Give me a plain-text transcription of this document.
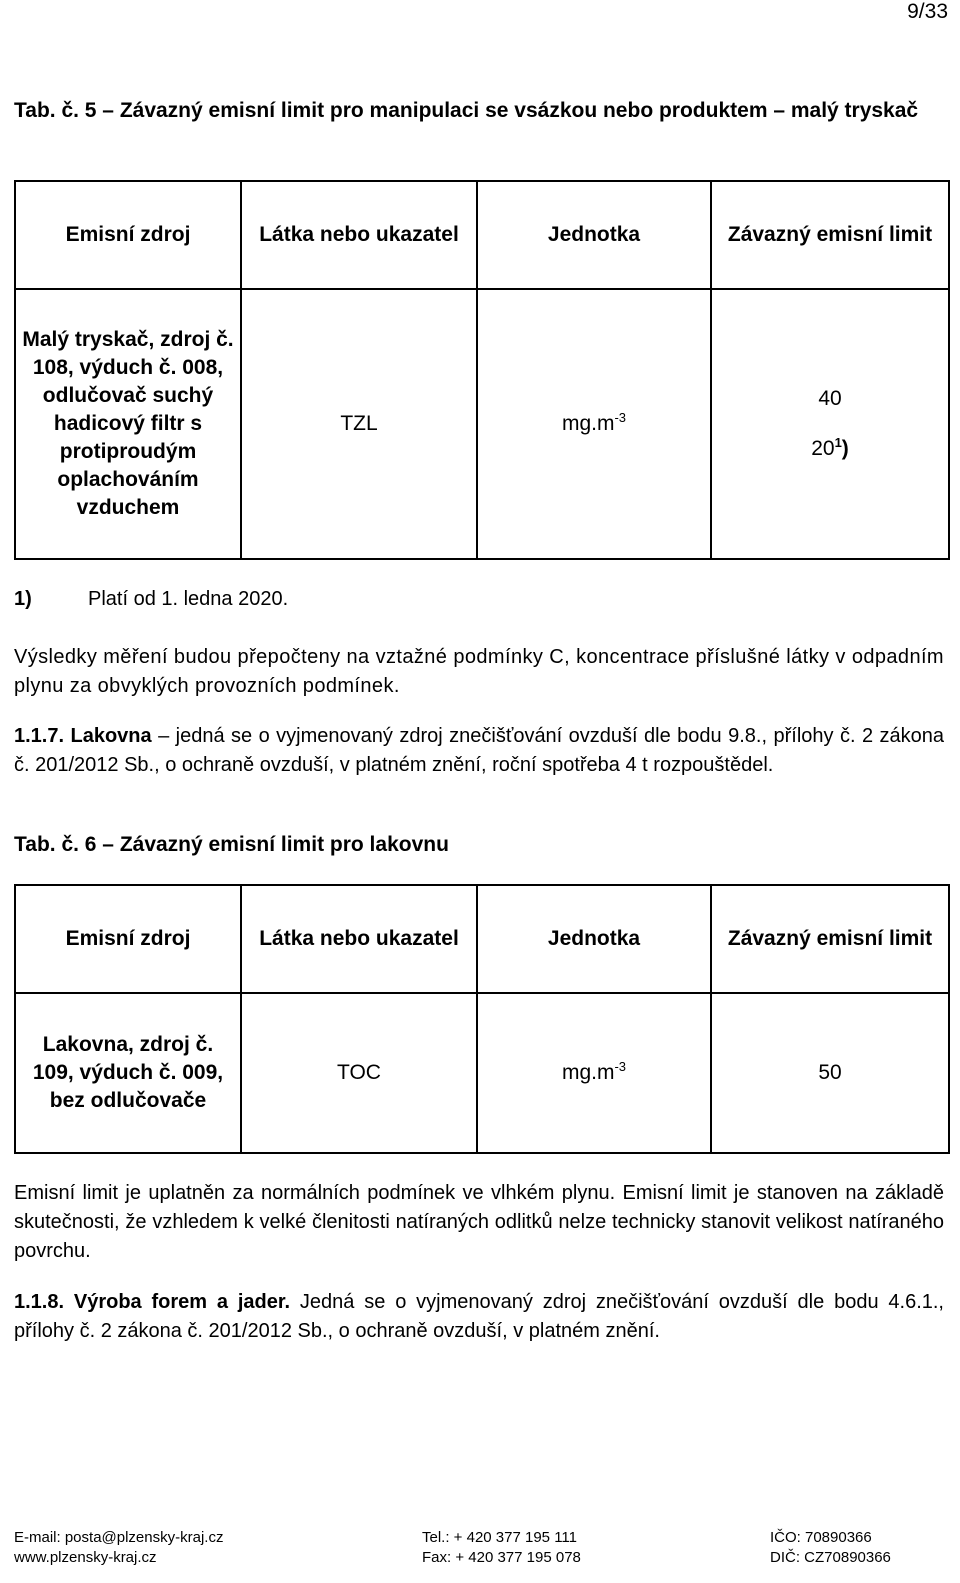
9/33
Tab. č. 5 – Závazný emisní limit pro manipulaci se vsázkou nebo produktem – malý tryskač
Emisní zdroj	Látka nebo ukazatel	Jednotka	Závazný emisní limit
Malý tryskač, zdroj č. 108, výduch č. 008, odlučovač suchý hadicový filtr s protiproudým oplachováním vzduchem	TZL	$mg.m^{-3}$	40
$20^1$)
1)	Platí od 1. ledna 2020.
Výsledky měření budou přepočteny na vztažné podmínky C, koncentrace příslušné látky v odpadním plynu za obvyklých provozních podmínek.
1.1.7. Lakovna – jedná se o vyjmenovaný zdroj znečišťování ovzduší dle bodu 9.8., přílohy č. 2 zákona č. 201/2012 Sb., o ochraně ovzduší, v platném znění, roční spotřeba 4 t rozpouštědel.
Tab. č. 6 – Závazný emisní limit pro lakovnu
Emisní zdroj	Látka nebo ukazatel	Jednotka	Závazný emisní limit
Lakovna, zdroj č. 109, výduch č. 009, bez odlučovače	TOC	$mg.m^{-3}$	50
Emisní limit je uplatněn za normálních podmínek ve vlhkém plynu. Emisní limit je stanoven na základě skutečnosti, že vzhledem k velké členitosti natíraných odlitků nelze technicky stanovit velikost natíraného povrchu.
1.1.8. Výroba forem a jader. Jedná se o vyjmenovaný zdroj znečišťování ovzduší dle bodu 4.6.1., přílohy č. 2 zákona č. 201/2012 Sb., o ochraně ovzduší, v platném znění.
E-mail: posta@plzensky-kraj.cz
www.plzensky-kraj.cz
Tel.: + 420 377 195 111
Fax: + 420 377 195 078
IČO: 70890366
DIČ: CZ70890366
